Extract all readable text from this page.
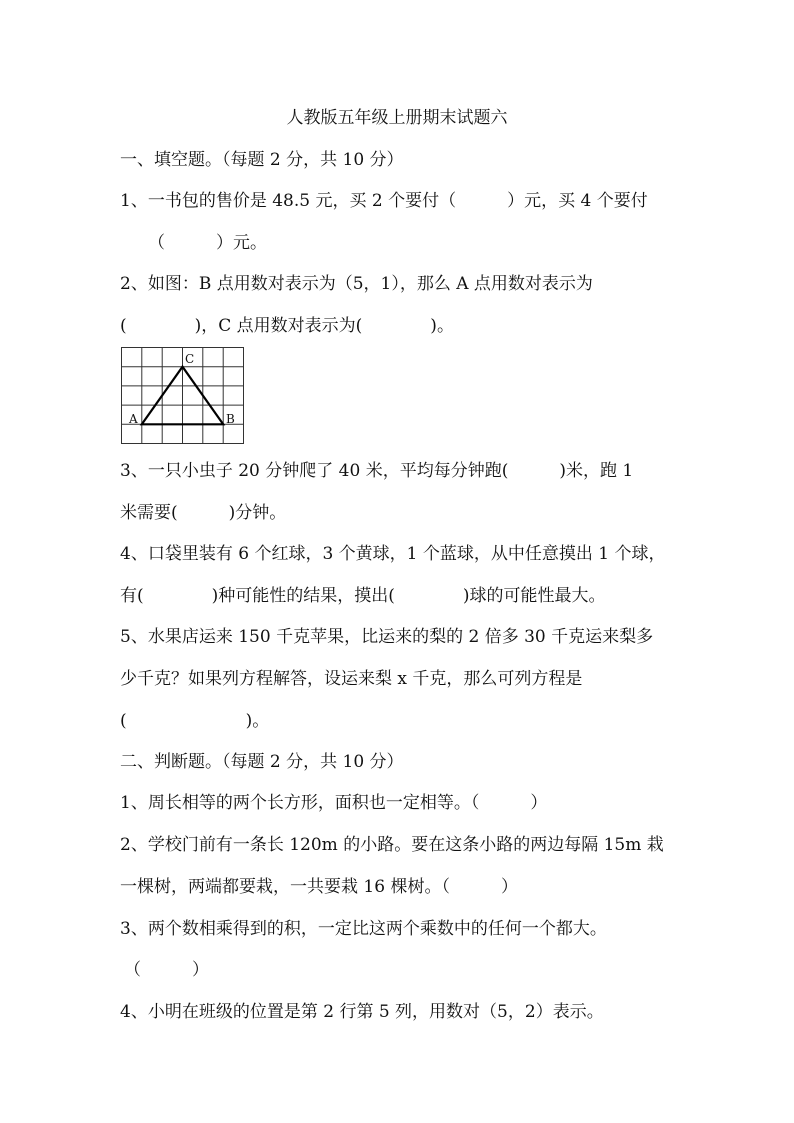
人教版五年级上册期末试题六
一、填空题。（每题 2 分，共 10 分）
1、一书包的售价是 48.5 元，买 2 个要付（　　　）元，买 4 个要付
（　　　）元。
2、如图：B 点用数对表示为（5，1），那么 A 点用数对表示为
(　　　　)，C 点用数对表示为(　　　　)。
A	B
C
3、一只小虫子 20 分钟爬了 40 米，平均每分钟跑(　　　)米，跑 1
米需要(　　　)分钟。
4、口袋里装有 6 个红球，3 个黄球，1 个蓝球，从中任意摸出 1 个球，
有(　　　　)种可能性的结果，摸出(　　　　)球的可能性最大。
5、水果店运来 150 千克苹果，比运来的梨的 2 倍多 30 千克运来梨多
少千克？如果列方程解答，设运来梨 x 千克，那么可列方程是
(　　　　　　　)。
二、判断题。（每题 2 分，共 10 分）
1、周长相等的两个长方形，面积也一定相等。（　　　）
2、学校门前有一条长 120m 的小路。要在这条小路的两边每隔 15m 栽
一棵树，两端都要栽，一共要栽 16 棵树。（　　　）
3、两个数相乘得到的积，一定比这两个乘数中的任何一个都大。
（　　　）
4、小明在班级的位置是第 2 行第 5 列，用数对（5，2）表示。
